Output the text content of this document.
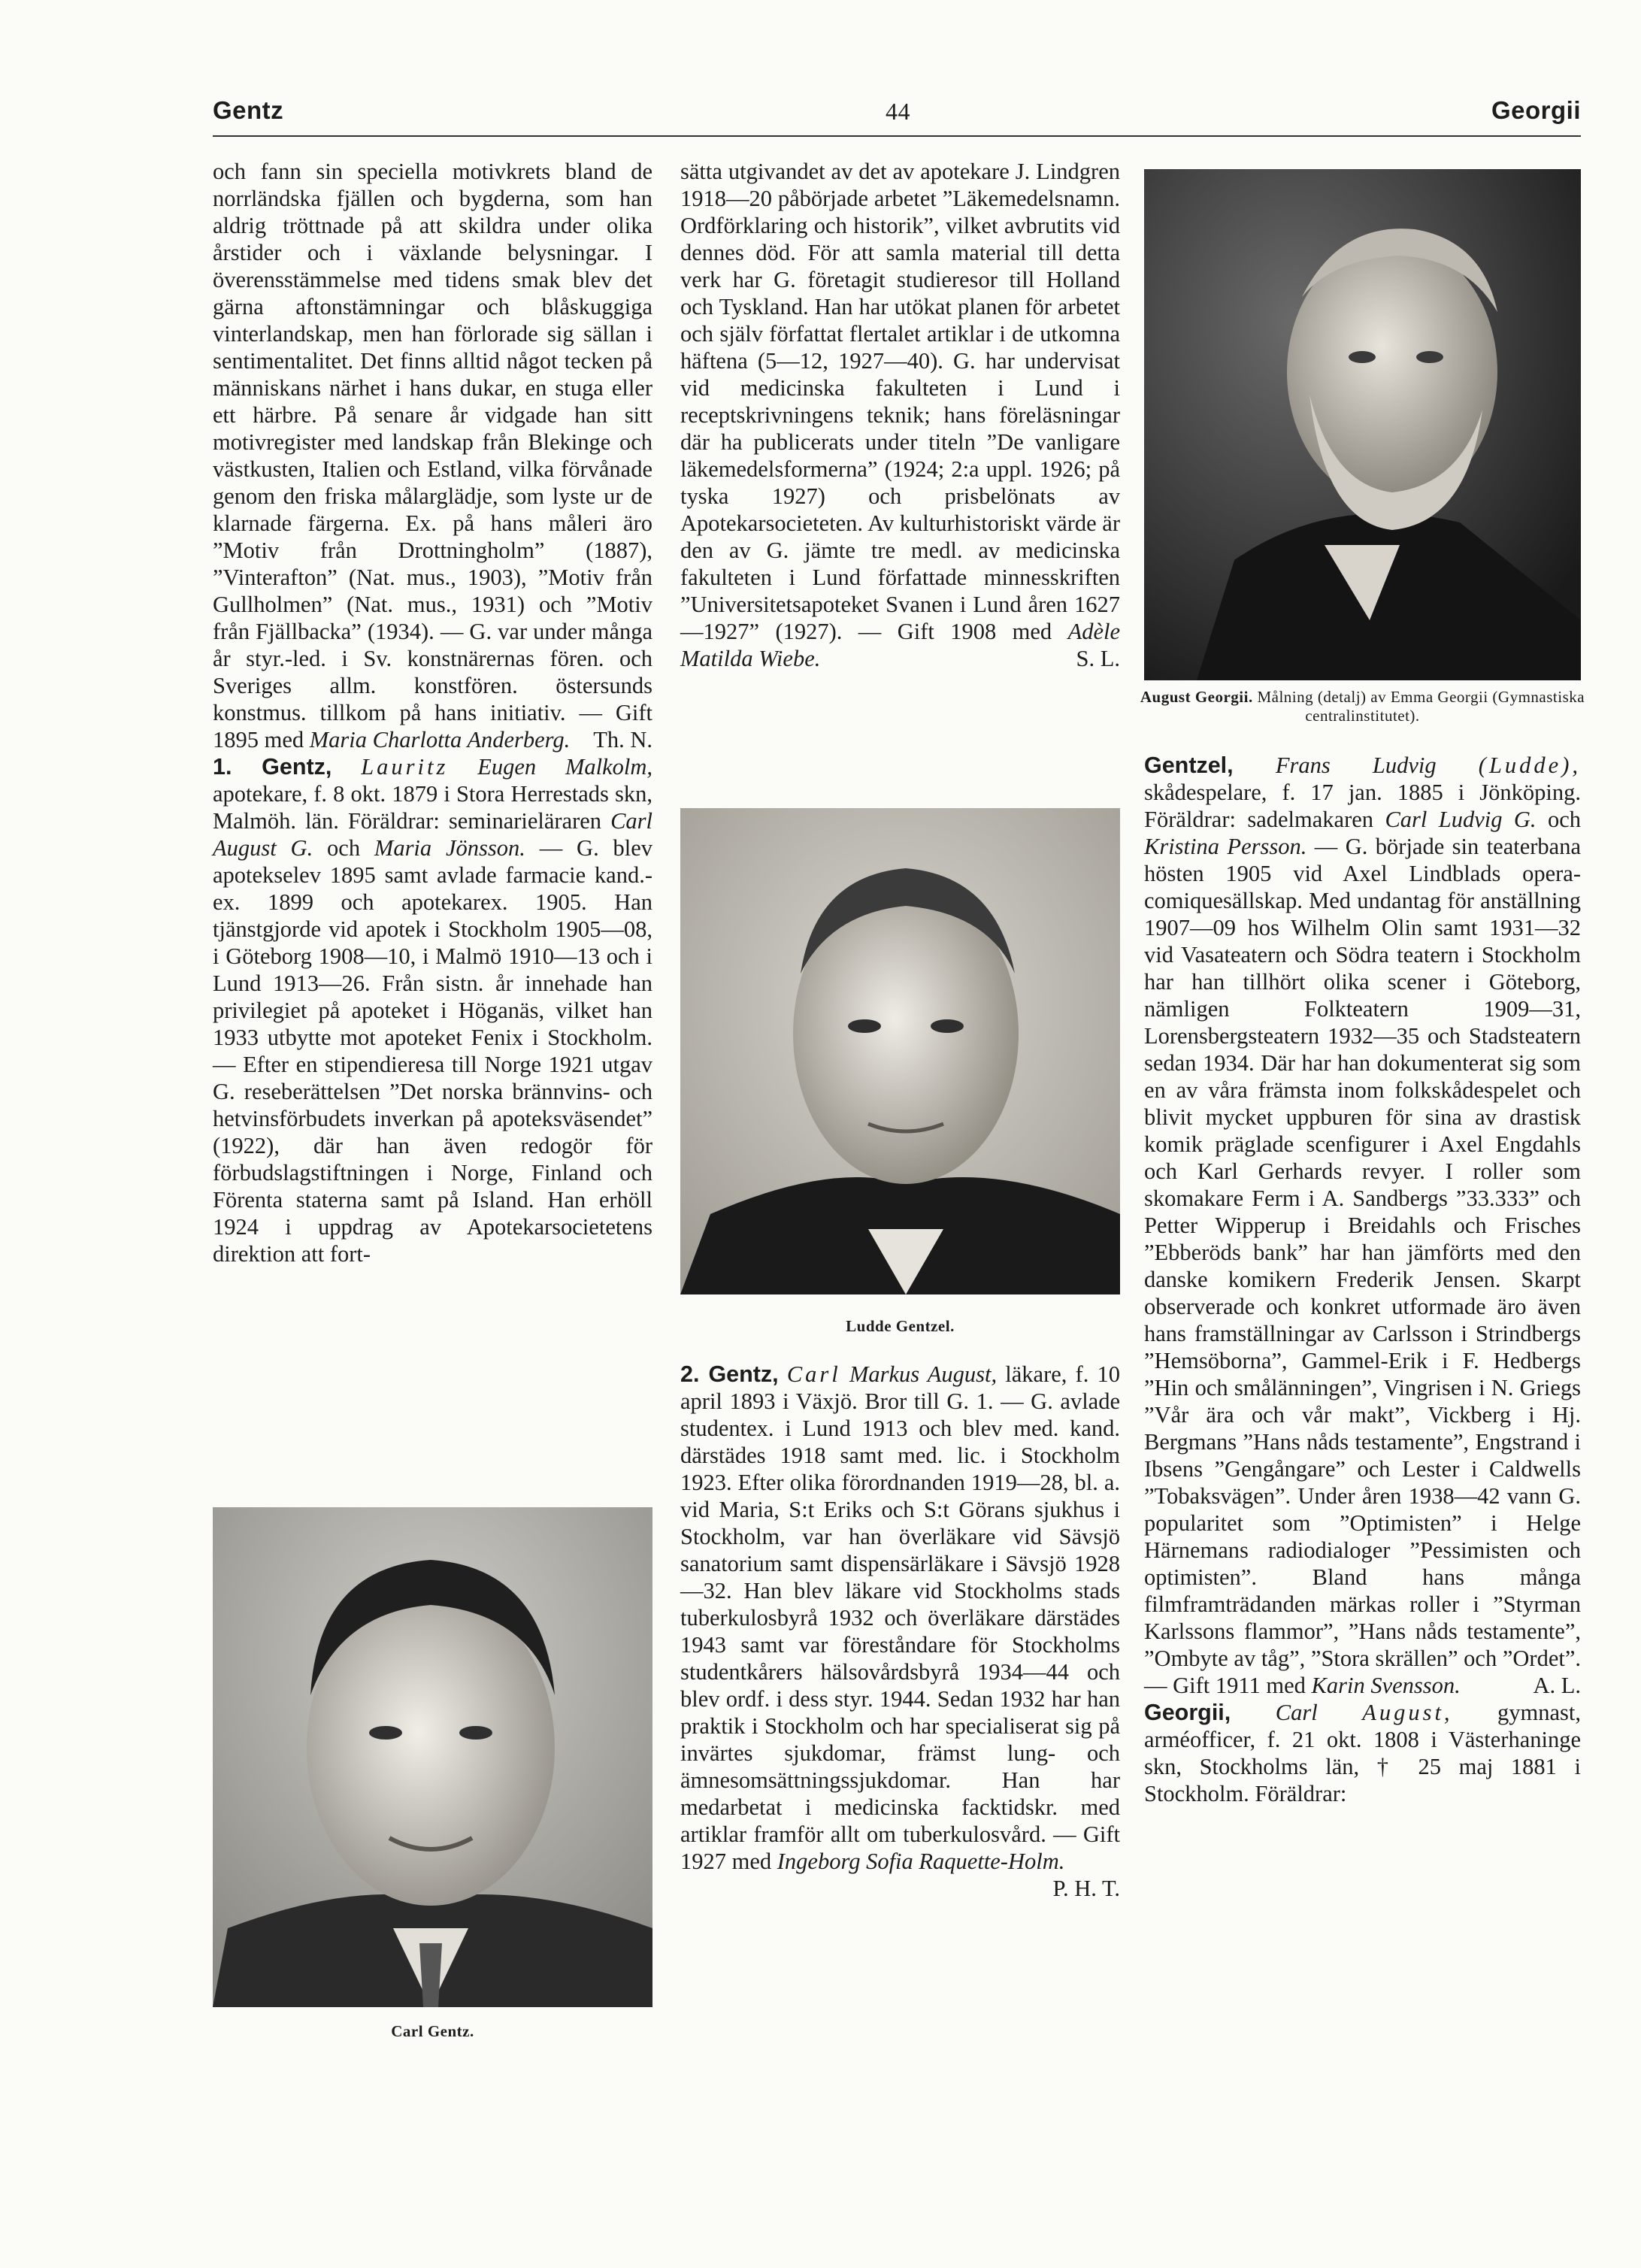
Gentz	44	Georgii

och fann sin speciella motivkrets bland de norrländska fjällen och bygderna, som han aldrig tröttnade på att skildra under olika årstider och i växlande belysningar. I överensstämmelse med tidens smak blev det gärna aftonstämningar och blåskuggiga vinterlandskap, men han förlorade sig sällan i sentimentalitet. Det finns alltid något tecken på människans närhet i hans dukar, en stuga eller ett härbre. På senare år vidgade han sitt motivregister med landskap från Blekinge och västkusten, Italien och Estland, vilka förvånade genom den friska målarglädje, som lyste ur de klarnade färgerna. Ex. på hans måleri äro ”Motiv från Drottningholm” (1887), ”Vinterafton” (Nat. mus., 1903), ”Motiv från Gullholmen” (Nat. mus., 1931) och ”Motiv från Fjällbacka” (1934). — G. var under många år styr.-led. i Sv. konstnärernas fören. och Sveriges allm. konstfören. östersunds konstmus. tillkom på hans initiativ. — Gift 1895 med Maria Charlotta Anderberg. Th. N.

1. Gentz, Lauritz Eugen Malkolm, apotekare, f. 8 okt. 1879 i Stora Herrestads skn, Malmöh. län. Föräldrar: seminarieläraren Carl August G. och Maria Jönsson. — G. blev apotekselev 1895 samt avlade farmacie kand.-ex. 1899 och apotekarex. 1905. Han tjänstgjorde vid apotek i Stockholm 1905—08, i Göteborg 1908—10, i Malmö 1910—13 och i Lund 1913—26. Från sistn. år innehade han privilegiet på apoteket i Höganäs, vilket han 1933 utbytte mot apoteket Fenix i Stockholm. — Efter en stipendieresa till Norge 1921 utgav G. reseberättelsen ”Det norska brännvins- och hetvinsförbudets inverkan på apoteksväsendet” (1922), där han även redogör för förbudslagstiftningen i Norge, Finland och Förenta staterna samt på Island. Han erhöll 1924 i uppdrag av Apotekarsocietetens direktion att fort-

sätta utgivandet av det av apotekare J. Lindgren 1918—20 påbörjade arbetet ”Läkemedelsnamn. Ordförklaring och historik”, vilket avbrutits vid dennes död. För att samla material till detta verk har G. företagit studieresor till Holland och Tyskland. Han har utökat planen för arbetet och själv författat flertalet artiklar i de utkomna häftena (5—12, 1927—40). G. har undervisat vid medicinska fakulteten i Lund i receptskrivningens teknik; hans föreläsningar där ha publicerats under titeln ”De vanligare läkemedelsformerna” (1924; 2:a uppl. 1926; på tyska 1927) och prisbelönats av Apotekarsocieteten. Av kulturhistoriskt värde är den av G. jämte tre medl. av medicinska fakulteten i Lund författade minnesskriften ”Universitetsapoteket Svanen i Lund åren 1627—1927” (1927). — Gift 1908 med Adèle Matilda Wiebe.	S. L.

2. Gentz, Carl Markus August, läkare, f. 10 april 1893 i Växjö. Bror till G. 1. — G. avlade studentex. i Lund 1913 och blev med. kand. därstädes 1918 samt med. lic. i Stockholm 1923. Efter olika förordnanden 1919—28, bl. a. vid Maria, S:t Eriks och S:t Görans sjukhus i Stockholm, var han överläkare vid Sävsjö sanatorium samt dispensärläkare i Sävsjö 1928—32. Han blev läkare vid Stockholms stads tuberkulosbyrå 1932 och överläkare därstädes 1943 samt var föreståndare för Stockholms studentkårers hälsovårdsbyrå 1934—44 och blev ordf. i dess styr. 1944. Sedan 1932 har han praktik i Stockholm och har specialiserat sig på invärtes sjukdomar, främst lung- och ämnesomsättningssjukdomar. Han har medarbetat i medicinska facktidskr. med artiklar framför allt om tuberkulosvård. — Gift 1927 med Ingeborg Sofia Raquette-Holm.
P. H. T.

Gentzel, Frans Ludvig (Ludde), skådespelare, f. 17 jan. 1885 i Jönköping. Föräldrar: sadelmakaren Carl Ludvig G. och Kristina Persson. — G. började sin teaterbana hösten 1905 vid Axel Lindblads opera-comiquesällskap. Med undantag för anställning 1907—09 hos Wilhelm Olin samt 1931—32 vid Vasateatern och Södra teatern i Stockholm har han tillhört olika scener i Göteborg, nämligen Folkteatern 1909—31, Lorensbergsteatern 1932—35 och Stadsteatern sedan 1934. Där har han dokumenterat sig som en av våra främsta inom folkskådespelet och blivit mycket uppburen för sina av drastisk komik präglade scenfigurer i Axel Engdahls och Karl Gerhards revyer. I roller som skomakare Ferm i A. Sandbergs ”33.333” och Petter Wipperup i Breidahls och Frisches ”Ebberöds bank” har han jämförts med den danske komikern Frederik Jensen. Skarpt observerade och konkret utformade äro även hans framställningar av Carlsson i Strindbergs ”Hemsöborna”, Gammel-Erik i F. Hedbergs ”Hin och smålänningen”, Vingrisen i N. Griegs ”Vår ära och vår makt”, Vickberg i Hj. Bergmans ”Hans nåds testamente”, Engstrand i Ibsens ”Gengångare” och Lester i Caldwells ”Tobaksvägen”. Under åren 1938—42 vann G. popularitet som ”Optimisten” i Helge Härnemans radiodialoger ”Pessimisten och optimisten”. Bland hans många filmframträdanden märkas roller i ”Styrman Karlssons flammor”, ”Hans nåds testamente”, ”Ombyte av tåg”, ”Stora skrällen” och ”Ordet”. — Gift 1911 med Karin Svensson.	A. L.

Georgii, Carl August, gymnast, arméofficer, f. 21 okt. 1808 i Västerhaninge skn, Stockholms län, † 25 maj 1881 i Stockholm. Föräldrar:

August Georgii. Målning (detalj) av Emma Georgii (Gymnastiska centralinstitutet).
Ludde Gentzel.
Carl Gentz.
